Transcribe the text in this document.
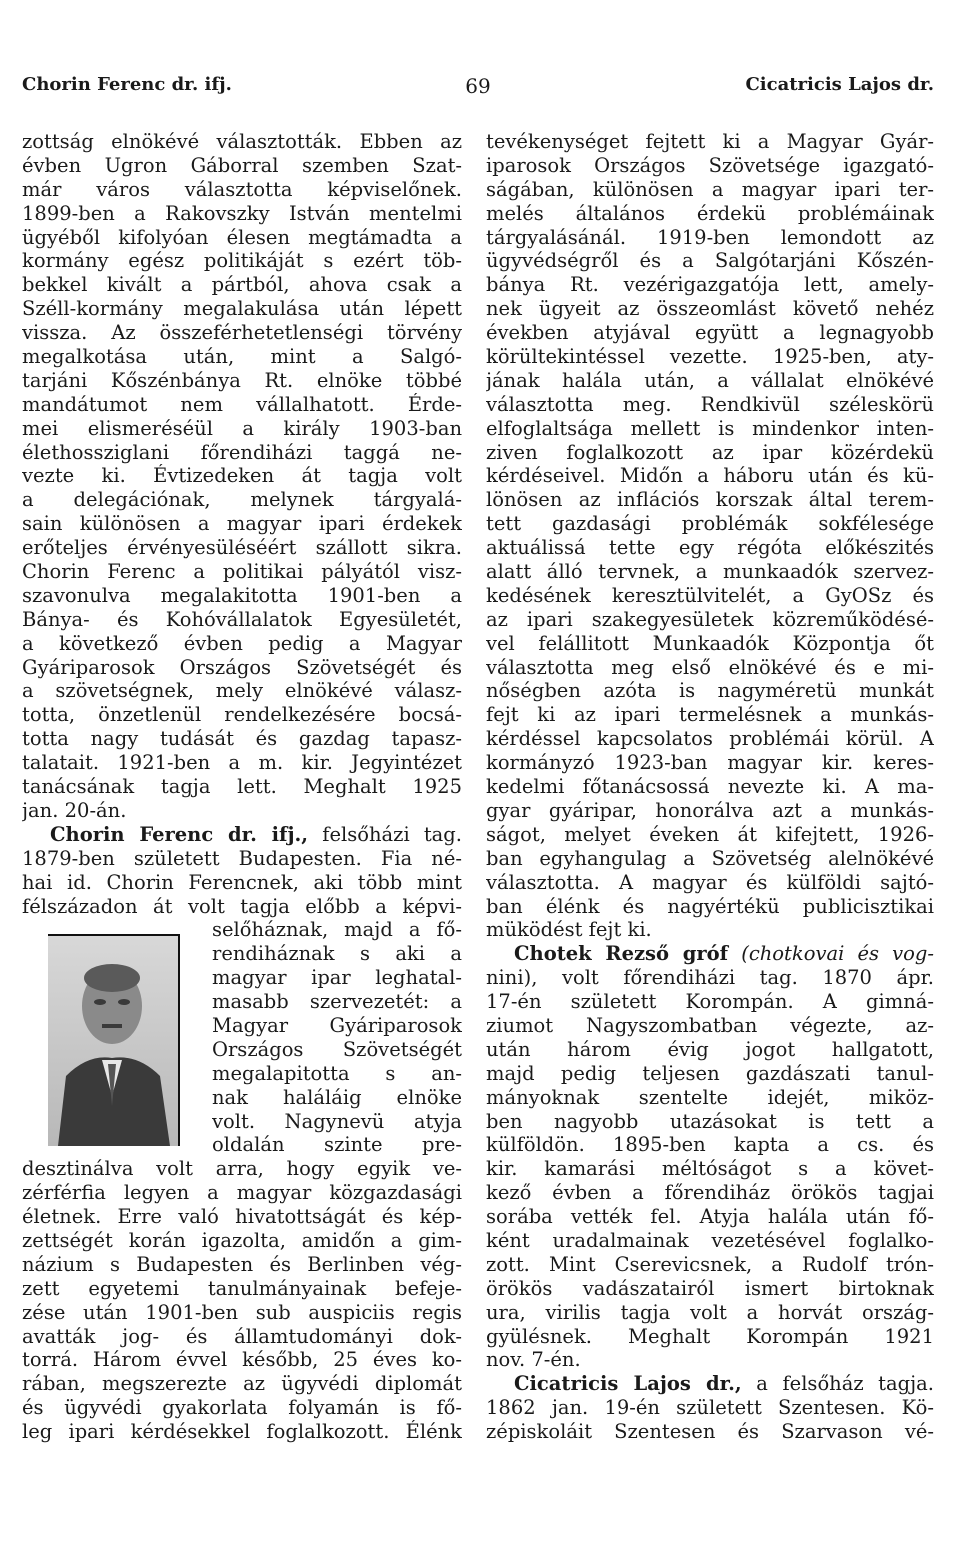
Chorin Ferenc dr. ifj.	69	Cicatricis Lajos dr.
zottság elnökévé választották. Ebben az
évben Ugron Gáborral szemben Szat-
már város választotta képviselőnek.
1899-ben a Rakovszky István mentelmi
ügyéből kifolyóan élesen megtámadta a
kormány egész politikáját s ezért töb-
bekkel kivált a pártból, ahova csak a
Széll-kormány megalakulása után lépett
vissza. Az összeférhetetlenségi törvény
megalkotása után, mint a Salgó-
tarjáni Kőszénbánya Rt. elnöke többé
mandátumot nem vállalhatott. Érde-
mei elismeréséül a király 1903-ban
élethossziglani főrendiházi taggá ne-
vezte ki. Évtizedeken át tagja volt
a delegációnak, melynek tárgyalá-
sain különösen a magyar ipari érdekek
erőteljes érvényesüléséért szállott sikra.
Chorin Ferenc a politikai pályától visz-
szavonulva megalakitotta 1901-ben a
Bánya- és Kohóvállalatok Egyesületét,
a következő évben pedig a Magyar
Gyáriparosok Országos Szövetségét és
a szövetségnek, mely elnökévé válasz-
totta, önzetlenül rendelkezésére bocsá-
totta nagy tudását és gazdag tapasz-
talatait. 1921-ben a m. kir. Jegyintézet
tanácsának tagja lett. Meghalt 1925
jan. 20-án.
Chorin Ferenc dr. ifj., felsőházi tag.
1879-ben született Budapesten. Fia né-
hai id. Chorin Ferencnek, aki több mint
félszázadon át volt tagja előbb a képvi-
selőháznak, majd a fő-
rendiháznak s aki a
magyar ipar leghatal-
masabb szervezetét: a
Magyar Gyáriparosok
Országos Szövetségét
megalapitotta s an-
nak haláláig elnöke
volt. Nagynevü atyja
oldalán szinte pre-
desztinálva volt arra, hogy egyik ve-
zérférfia legyen a magyar közgazdasági
életnek. Erre való hivatottságát és kép-
zettségét korán igazolta, amidőn a gim-
názium s Budapesten és Berlinben vég-
zett egyetemi tanulmányainak befeje-
zése után 1901-ben sub auspiciis regis
avatták jog- és államtudományi dok-
torrá. Három évvel később, 25 éves ko-
rában, megszerezte az ügyvédi diplomát
és ügyvédi gyakorlata folyamán is fő-
leg ipari kérdésekkel foglalkozott. Élénk
tevékenységet fejtett ki a Magyar Gyár-
iparosok Országos Szövetsége igazgató-
ságában, különösen a magyar ipari ter-
melés általános érdekü problémáinak
tárgyalásánál. 1919-ben lemondott az
ügyvédségről és a Salgótarjáni Kőszén-
bánya Rt. vezérigazgatója lett, amely-
nek ügyeit az összeomlást követő nehéz
években atyjával együtt a legnagyobb
körültekintéssel vezette. 1925-ben, aty-
jának halála után, a vállalat elnökévé
választotta meg. Rendkivül széleskörü
elfoglaltsága mellett is mindenkor inten-
ziven foglalkozott az ipar közérdekü
kérdéseivel. Midőn a háboru után és kü-
lönösen az inflációs korszak által terem-
tett gazdasági problémák sokfélesége
aktuálissá tette egy régóta előkészités
alatt álló tervnek, a munkaadók szervez-
kedésének keresztülvitelét, a GyOSz és
az ipari szakegyesületek közreműködésé-
vel felállitott Munkaadók Központja őt
választotta meg első elnökévé és e mi-
nőségben azóta is nagyméretü munkát
fejt ki az ipari termelésnek a munkás-
kérdéssel kapcsolatos problémái körül. A
kormányzó 1923-ban magyar kir. keres-
kedelmi főtanácsossá nevezte ki. A ma-
gyar gyáripar, honorálva azt a munkás-
ságot, melyet éveken át kifejtett, 1926-
ban egyhangulag a Szövetség alelnökévé
választotta. A magyar és külföldi sajtó-
ban élénk és nagyértékü publicisztikai
müködést fejt ki.
Chotek Rezső gróf (chotkovai és vog-
nini), volt főrendiházi tag. 1870 ápr.
17-én született Korompán. A gimná-
ziumot Nagyszombatban végezte, az-
után három évig jogot hallgatott,
majd pedig teljesen gazdászati tanul-
mányoknak szentelte idejét, miköz-
ben nagyobb utazásokat is tett a
külföldön. 1895-ben kapta a cs. és
kir. kamarási méltóságot s a követ-
kező évben a főrendiház örökös tagjai
sorába vették fel. Atyja halála után fő-
ként uradalmainak vezetésével foglalko-
zott. Mint Cserevicsnek, a Rudolf trón-
örökös vadászatairól ismert birtoknak
ura, virilis tagja volt a horvát ország-
gyülésnek. Meghalt Korompán 1921
nov. 7-én.
Cicatricis Lajos dr., a felsőház tagja.
1862 jan. 19-én született Szentesen. Kö-
zépiskoláit Szentesen és Szarvason vé-
